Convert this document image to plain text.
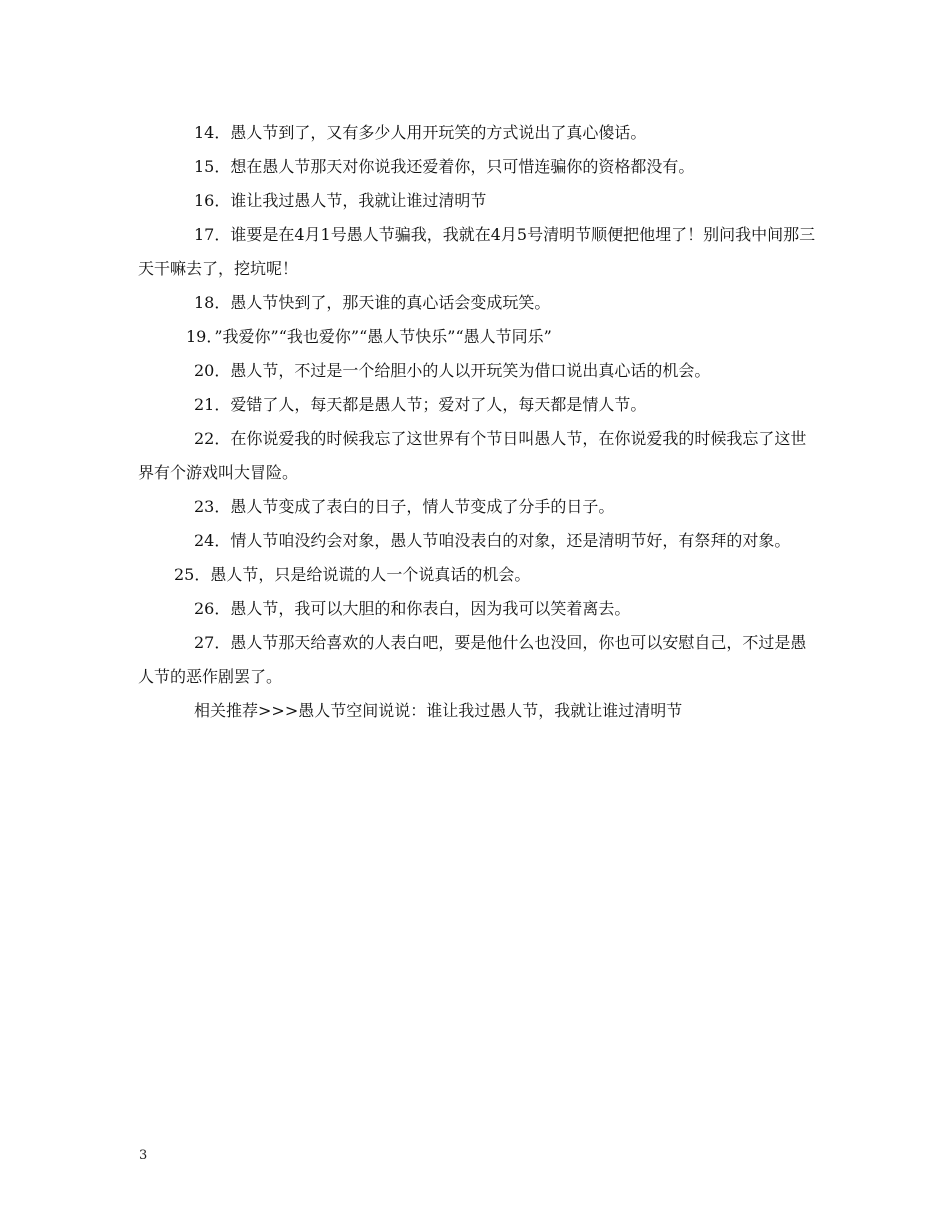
14．愚人节到了，又有多少人用开玩笑的方式说出了真心傻话。

15．想在愚人节那天对你说我还爱着你，只可惜连骗你的资格都没有。

16．谁让我过愚人节，我就让谁过清明节

17．谁要是在4月1号愚人节骗我，我就在4月5号清明节顺便把他埋了！别问我中间那三天干嘛去了，挖坑呢！

18．愚人节快到了，那天谁的真心话会变成玩笑。

19．”我爱你”“我也爱你”“愚人节快乐”“愚人节同乐”

20．愚人节，不过是一个给胆小的人以开玩笑为借口说出真心话的机会。

21．爱错了人，每天都是愚人节；爱对了人，每天都是情人节。

22．在你说爱我的时候我忘了这世界有个节日叫愚人节，在你说爱我的时候我忘了这世界有个游戏叫大冒险。

23．愚人节变成了表白的日子，情人节变成了分手的日子。

24．情人节咱没约会对象，愚人节咱没表白的对象，还是清明节好，有祭拜的对象。

25．愚人节，只是给说谎的人一个说真话的机会。

26．愚人节，我可以大胆的和你表白，因为我可以笑着离去。

27．愚人节那天给喜欢的人表白吧，要是他什么也没回，你也可以安慰自己，不过是愚人节的恶作剧罢了。

相关推荐>>>愚人节空间说说：谁让我过愚人节，我就让谁过清明节

3
